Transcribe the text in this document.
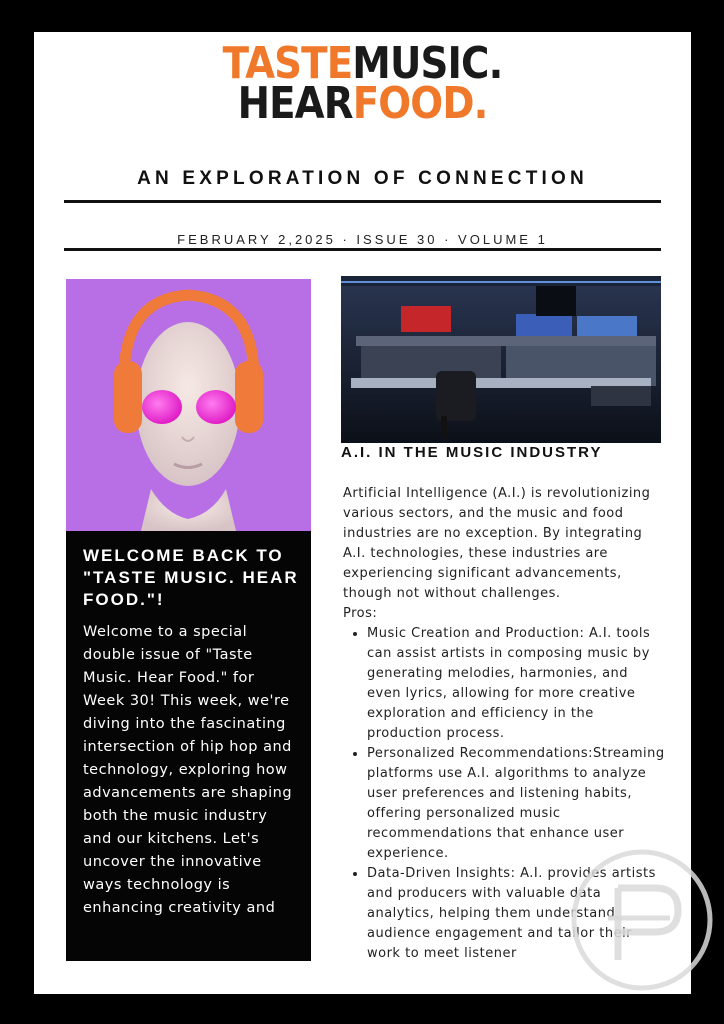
TASTEMUSIC.
HEARFOOD.
AN EXPLORATION OF CONNECTION
FEBRUARY 2,2025 · ISSUE 30 · VOLUME 1
WELCOME BACK TO "TASTE MUSIC. HEAR FOOD."!
Welcome to a special double issue of "Taste Music. Hear Food." for Week 30! This week, we're diving into the fascinating intersection of hip hop and technology, exploring how advancements are shaping both the music industry and our kitchens. Let's uncover the innovative ways technology is enhancing creativity and
A.I. IN THE MUSIC INDUSTRY

Artificial Intelligence (A.I.) is revolutionizing various sectors, and the music and food industries are no exception. By integrating A.I. technologies, these industries are experiencing significant advancements, though not without challenges.

Pros:

• Music Creation and Production: A.I. tools can assist artists in composing music by generating melodies, harmonies, and even lyrics, allowing for more creative exploration and efficiency in the production process.
• Personalized Recommendations:Streaming platforms use A.I. algorithms to analyze user preferences and listening habits, offering personalized music recommendations that enhance user experience.
• Data-Driven Insights: A.I. provides artists and producers with valuable data analytics, helping them understand audience engagement and tailor their work to meet listener
